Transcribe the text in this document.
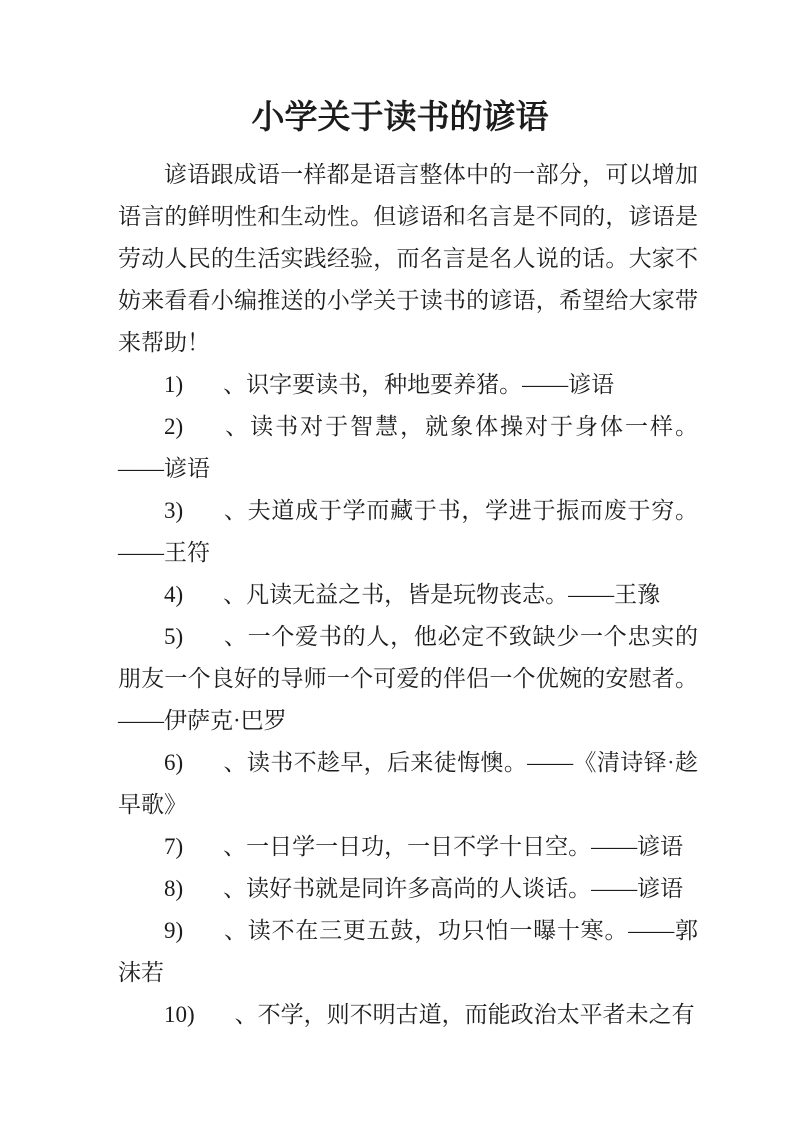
小学关于读书的谚语

谚语跟成语一样都是语言整体中的一部分，可以增加语言的鲜明性和生动性。但谚语和名言是不同的，谚语是劳动人民的生活实践经验，而名言是名人说的话。大家不妨来看看小编推送的小学关于读书的谚语，希望给大家带来帮助！

1) 、识字要读书，种地要养猪。——谚语

2) 、读书对于智慧，就象体操对于身体一样。——谚语

3) 、夫道成于学而藏于书，学进于振而废于穷。——王符

4) 、凡读无益之书，皆是玩物丧志。——王豫

5) 、一个爱书的人，他必定不致缺少一个忠实的朋友一个良好的导师一个可爱的伴侣一个优婉的安慰者。——伊萨克·巴罗

6) 、读书不趁早，后来徒悔懊。——《清诗铎·趁早歌》

7) 、一日学一日功，一日不学十日空。——谚语

8) 、读好书就是同许多高尚的人谈话。——谚语

9) 、读不在三更五鼓，功只怕一曝十寒。——郭沫若

10) 、不学，则不明古道，而能政治太平者未之有
